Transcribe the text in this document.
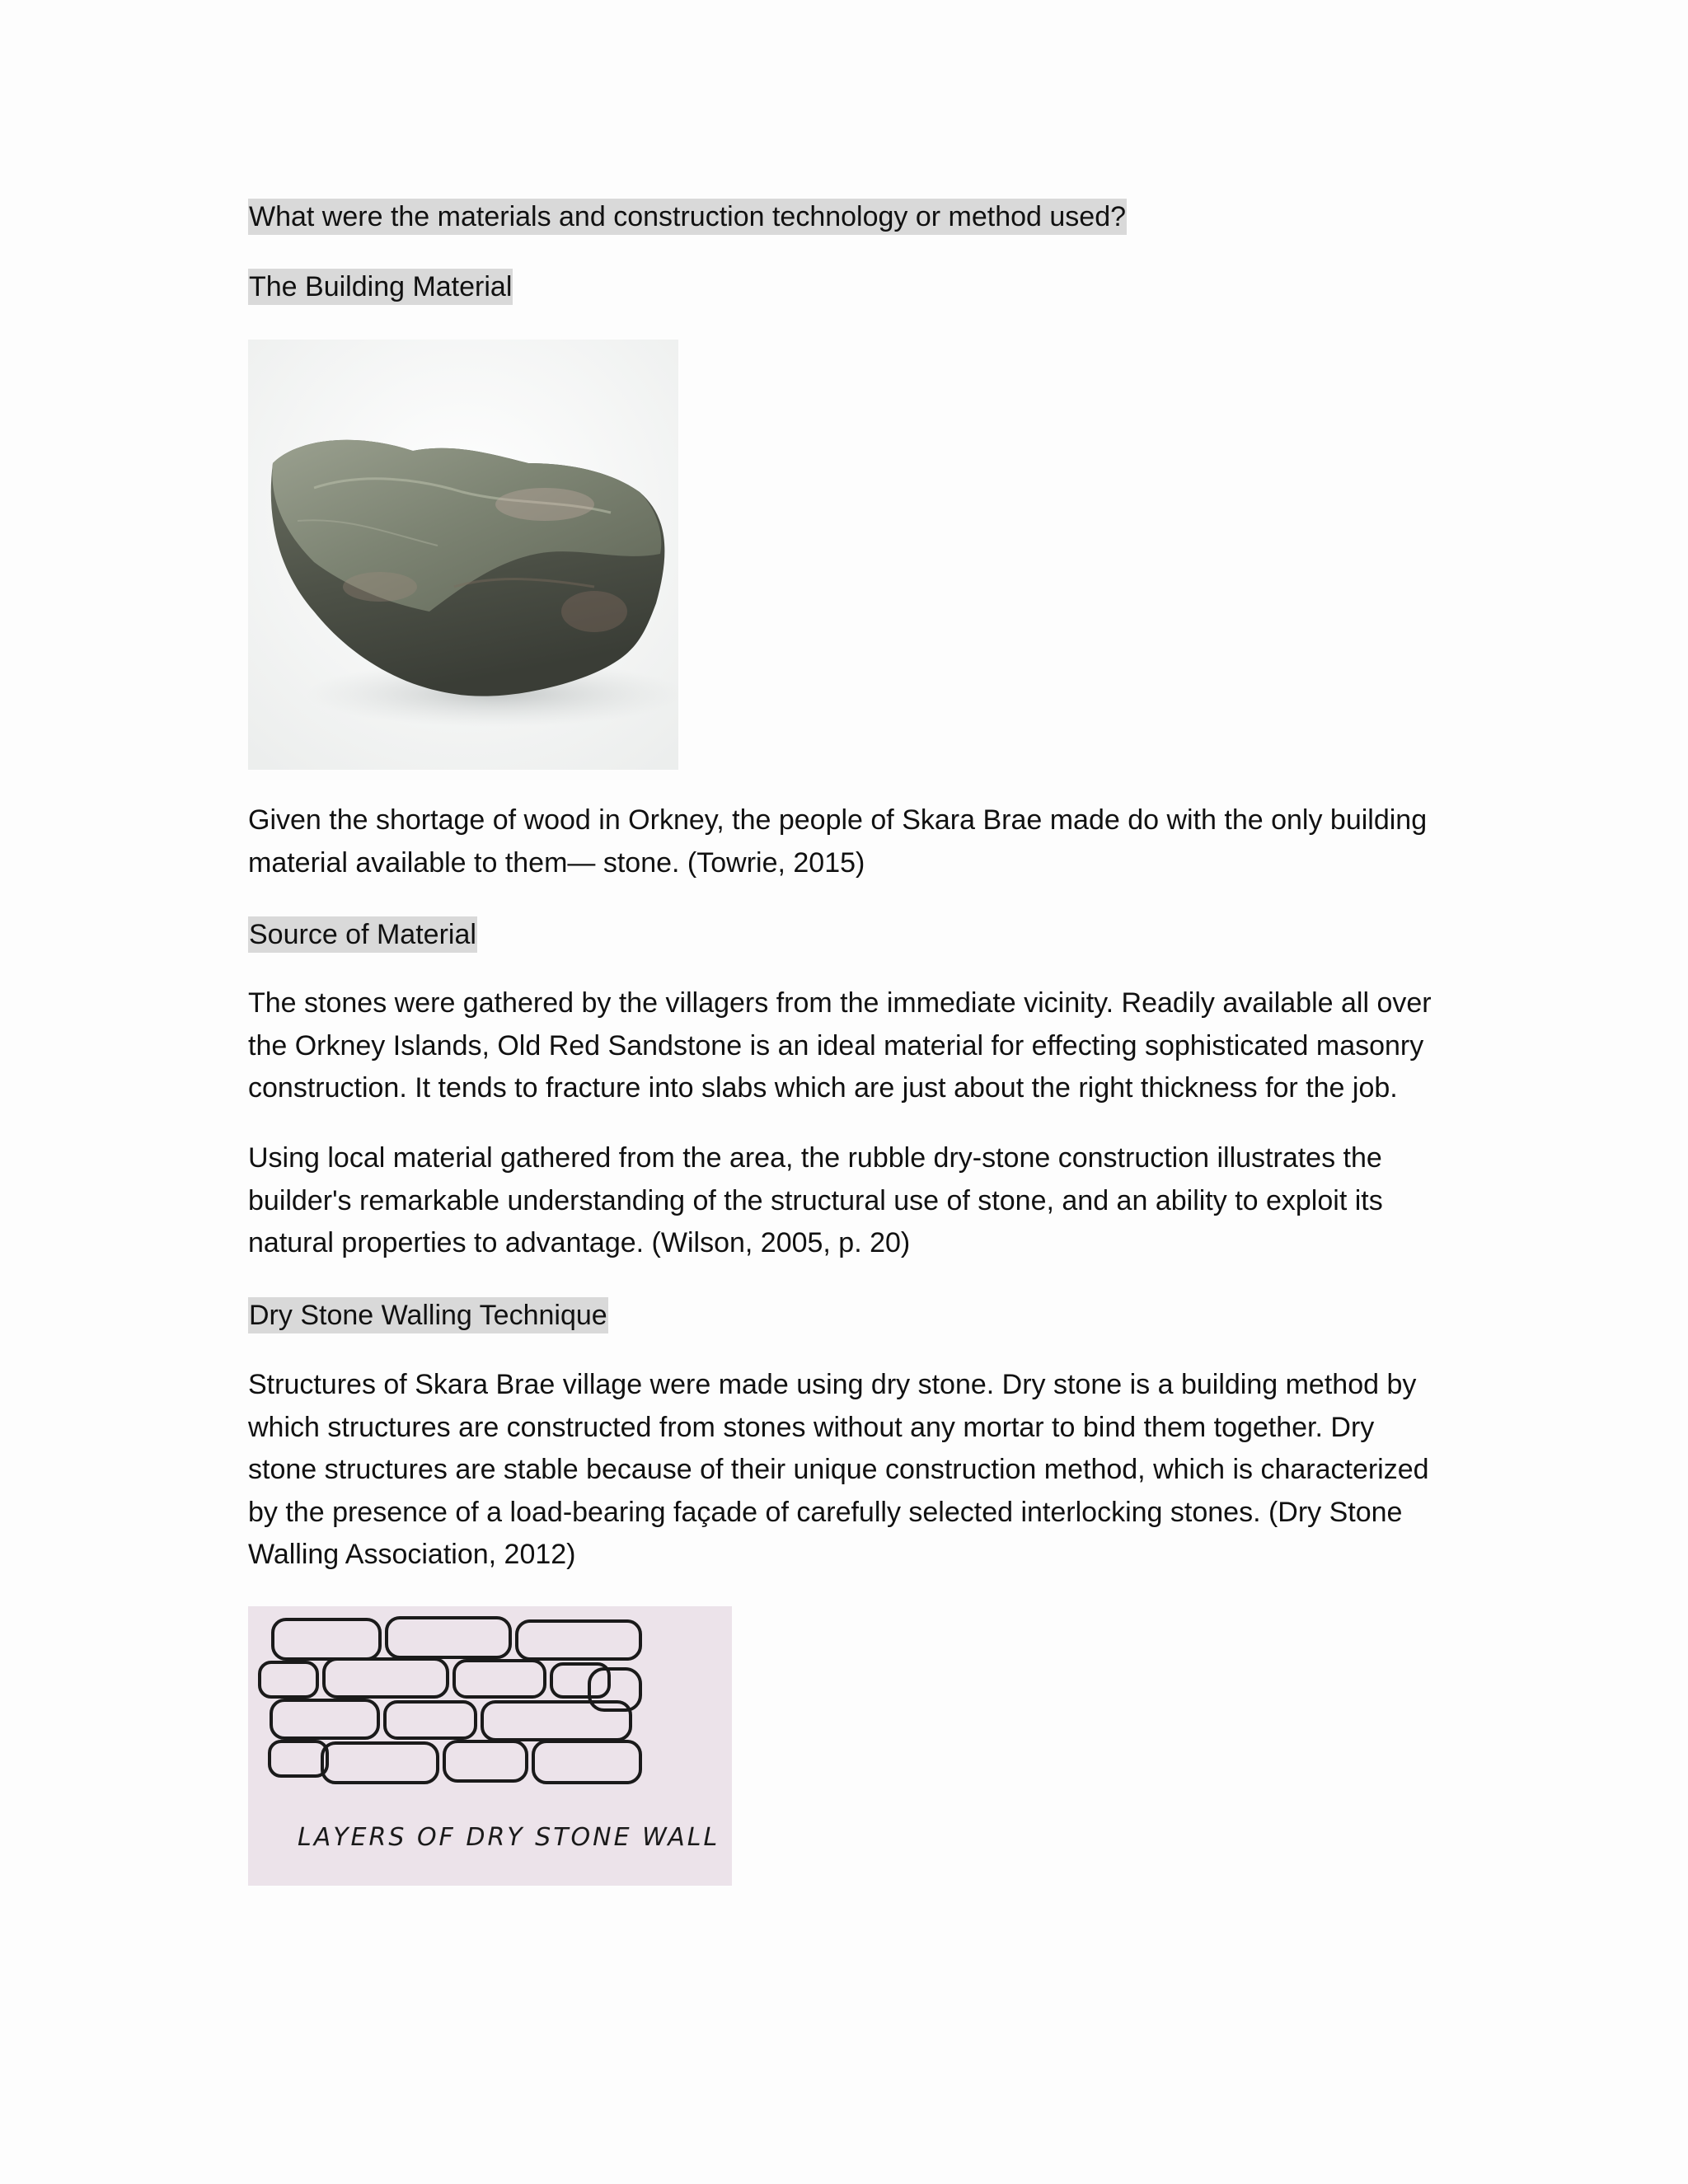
What were the materials and construction technology or method used?
The Building Material

Given the shortage of wood in Orkney, the people of Skara Brae made do with the only building
material available to them— stone. (Towrie, 2015)

Source of Material

The stones were gathered by the villagers from the immediate vicinity. Readily available all over
the Orkney Islands, Old Red Sandstone is an ideal material for effecting sophisticated masonry
construction. It tends to fracture into slabs which are just about the right thickness for the job.

Using local material gathered from the area, the rubble dry-stone construction illustrates the
builder's remarkable understanding of the structural use of stone, and an ability to exploit its
natural properties to advantage. (Wilson, 2005, p. 20)

Dry Stone Walling Technique

Structures of Skara Brae village were made using dry stone. Dry stone is a building method by
which structures are constructed from stones without any mortar to bind them together. Dry
stone structures are stable because of their unique construction method, which is characterized
by the presence of a load-bearing façade of carefully selected interlocking stones. (Dry Stone
Walling Association, 2012)

LAYERS OF DRY STONE WALL
